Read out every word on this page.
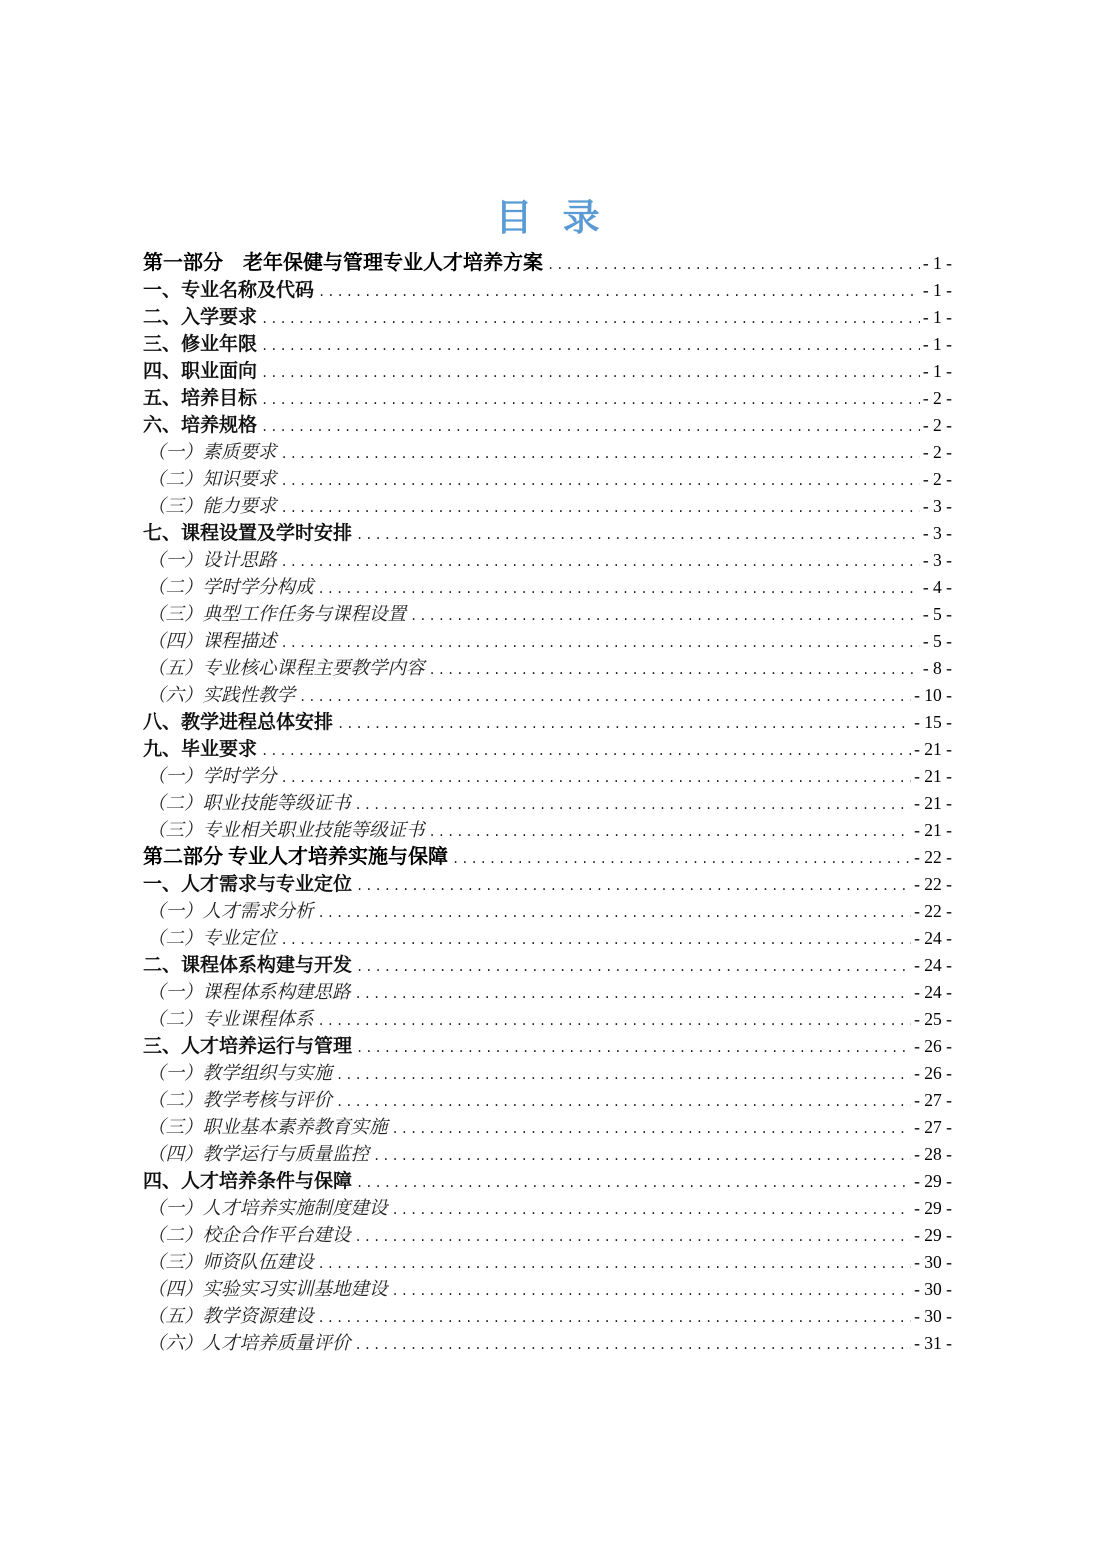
目 录
第一部分　老年保健与管理专业人才培养方案 .....	- 1 -
一、专业名称及代码 .....	- 1 -
二、入学要求 .....	- 1 -
三、修业年限 .....	- 1 -
四、职业面向 .....	- 1 -
五、培养目标 .....	- 2 -
六、培养规格 .....	- 2 -
（一）素质要求 .....	- 2 -
（二）知识要求 .....	- 2 -
（三）能力要求 .....	- 3 -
七、课程设置及学时安排 .....	- 3 -
（一）设计思路 .....	- 3 -
（二）学时学分构成 .....	- 4 -
（三）典型工作任务与课程设置 .....	- 5 -
（四）课程描述 .....	- 5 -
（五）专业核心课程主要教学内容 .....	- 8 -
（六）实践性教学 .....	- 10 -
八、教学进程总体安排 .....	- 15 -
九、毕业要求 .....	- 21 -
（一）学时学分 .....	- 21 -
（二）职业技能等级证书 .....	- 21 -
（三）专业相关职业技能等级证书 .....	- 21 -
第二部分 专业人才培养实施与保障 .....	- 22 -
一、人才需求与专业定位 .....	- 22 -
（一）人才需求分析 .....	- 22 -
（二）专业定位 .....	- 24 -
二、课程体系构建与开发 .....	- 24 -
（一）课程体系构建思路 .....	- 24 -
（二）专业课程体系 .....	- 25 -
三、人才培养运行与管理 .....	- 26 -
（一）教学组织与实施 .....	- 26 -
（二）教学考核与评价 .....	- 27 -
（三）职业基本素养教育实施 .....	- 27 -
（四）教学运行与质量监控 .....	- 28 -
四、人才培养条件与保障 .....	- 29 -
（一）人才培养实施制度建设 .....	- 29 -
（二）校企合作平台建设 .....	- 29 -
（三）师资队伍建设 .....	- 30 -
（四）实验实习实训基地建设 .....	- 30 -
（五）教学资源建设 .....	- 30 -
（六）人才培养质量评价 .....	- 31 -
